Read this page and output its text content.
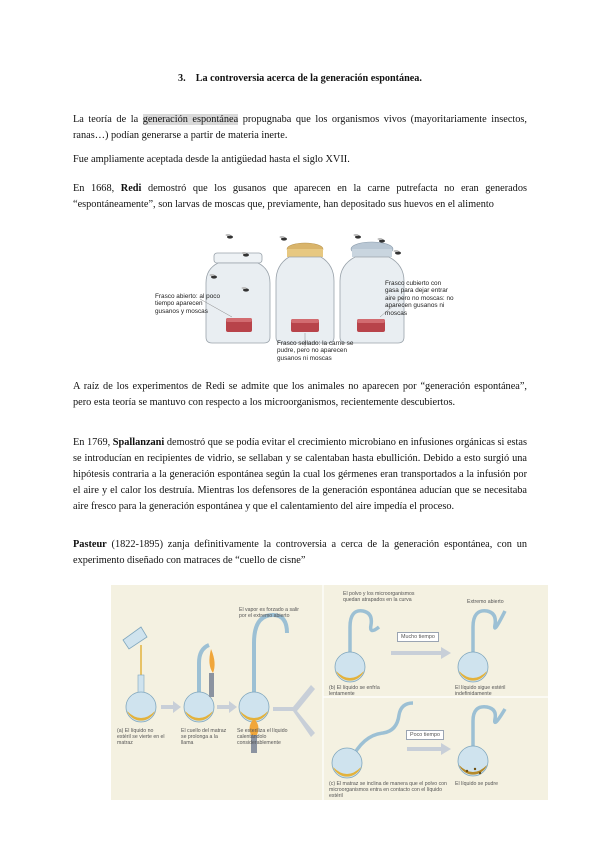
3. La controversia acerca de la generación espontánea.

La teoría de la generación espontánea propugnaba que los organismos vivos (mayoritariamente insectos, ranas…) podían generarse a partir de materia inerte.

Fue ampliamente aceptada desde la antigüedad hasta el siglo XVII.

En 1668, Redi demostró que los gusanos que aparecen en la carne putrefacta no eran generados “espontáneamente”, son larvas de moscas que, previamente, han depositado sus huevos en el alimento

Frasco abierto: al poco tiempo aparecen gusanos y moscas
Frasco sellado: la carne se pudre, pero no aparecen gusanos ni moscas
Frasco cubierto con gasa para dejar entrar aire pero no moscas: no aparecen gusanos ni moscas

A raíz de los experimentos de Redi se admite que los animales no aparecen por “generación espontánea”, pero esta teoría se mantuvo con respecto a los microorganismos, recientemente descubiertos.

En 1769, Spallanzani demostró que se podía evitar el crecimiento microbiano en infusiones orgánicas si estas se introducían en recipientes de vidrio, se sellaban y se calentaban hasta ebullición. Debido a esto surgió una hipótesis contraria a la generación espontánea según la cual los gérmenes eran transportados a la infusión por el aire y el calor los destruía. Mientras los defensores de la generación espontánea aducían que se necesitaba aire fresco para la generación espontánea y que el calentamiento del aire impedía el proceso.

Pasteur (1822-1895) zanja definitivamente la controversia a cerca de la generación espontánea, con un experimento diseñado con matraces de “cuello de cisne”

El vapor es forzado a salir por el extremo abierto
El polvo y los microorganismos quedan atrapados en la curva	Extremo abierto
Mucho tiempo
Poco tiempo
(a) El líquido no estéril se vierte en el matraz
El cuello del matraz se prolonga a la llama
Se esteriliza el líquido calentándolo considerablemente
(b) El líquido se enfría lentamente
El líquido sigue estéril indefinidamente
(c) El matraz se inclina de manera que el polvo con microorganismos entra en contacto con el líquido estéril
El líquido se pudre
